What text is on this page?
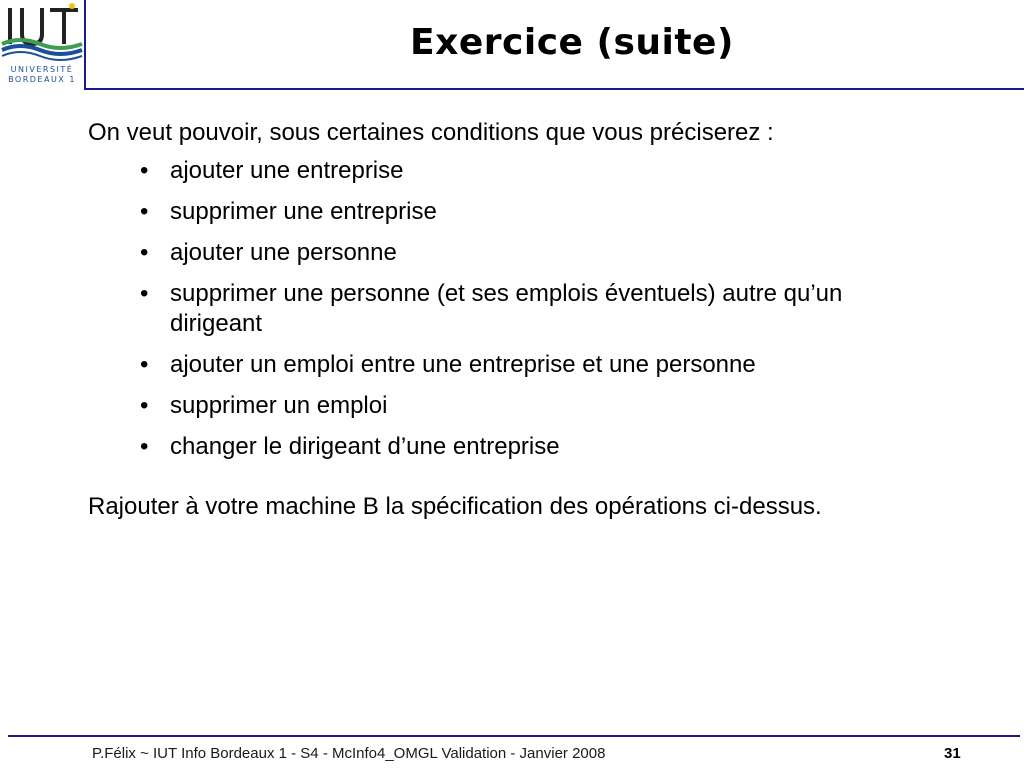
UNIVERSITÉ
BORDEAUX 1
Exercice (suite)

On veut pouvoir, sous certaines conditions que vous préciserez :

• ajouter une entreprise
• supprimer une entreprise
• ajouter une personne
• supprimer une personne (et ses emplois éventuels) autre qu’un dirigeant
• ajouter un emploi entre une entreprise et une personne
• supprimer un emploi
• changer le dirigeant d’une entreprise

Rajouter à votre machine B la spécification des opérations ci-dessus.

P.Félix ~ IUT Info Bordeaux 1 - S4 - McInfo4_OMGL Validation - Janvier 2008	31
